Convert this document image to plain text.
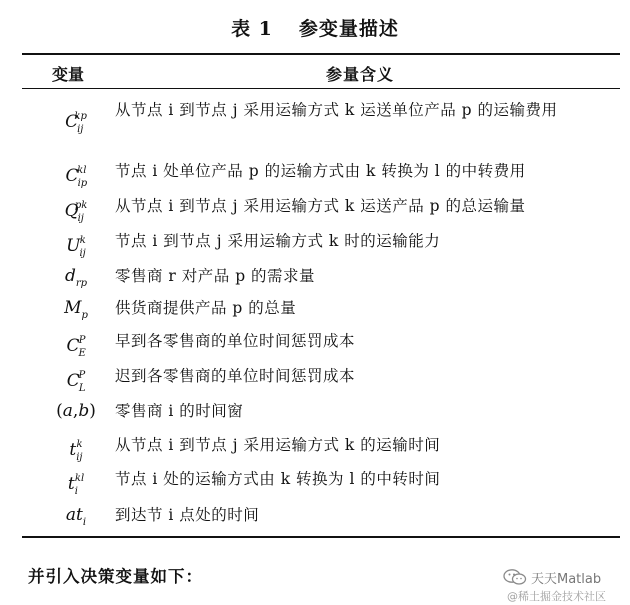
表 1 参变量描述
变量	参量含义
$C_{ij}^{kp}$	从节点 i 到节点 j 采用运输方式 k 运送单位产品 p 的运输费用
$C_{ip}^{kl}$	节点 i 处单位产品 p 的运输方式由 k 转换为 l 的中转费用
$Q_{ij}^{pk}$	从节点 i 到节点 j 采用运输方式 k 运送产品 p 的总运输量
$U_{ij}^k$	节点 i 到节点 j 采用运输方式 k 时的运输能力
$d_{rp}$	零售商 r 对产品 p 的需求量
$M_p$	供货商提供产品 p 的总量
$C_E^P$	早到各零售商的单位时间惩罚成本
$C_L^P$	迟到各零售商的单位时间惩罚成本
(a,b)	零售商 i 的时间窗
$t_{ij}^k$	从节点 i 到节点 j 采用运输方式 k 的运输时间
$t_i^{kl}$	节点 i 处的运输方式由 k 转换为 l 的中转时间
$at_i$	到达节 i 点处的时间
并引入决策变量如下：	天天Matlab
@稀土掘金技术社区
